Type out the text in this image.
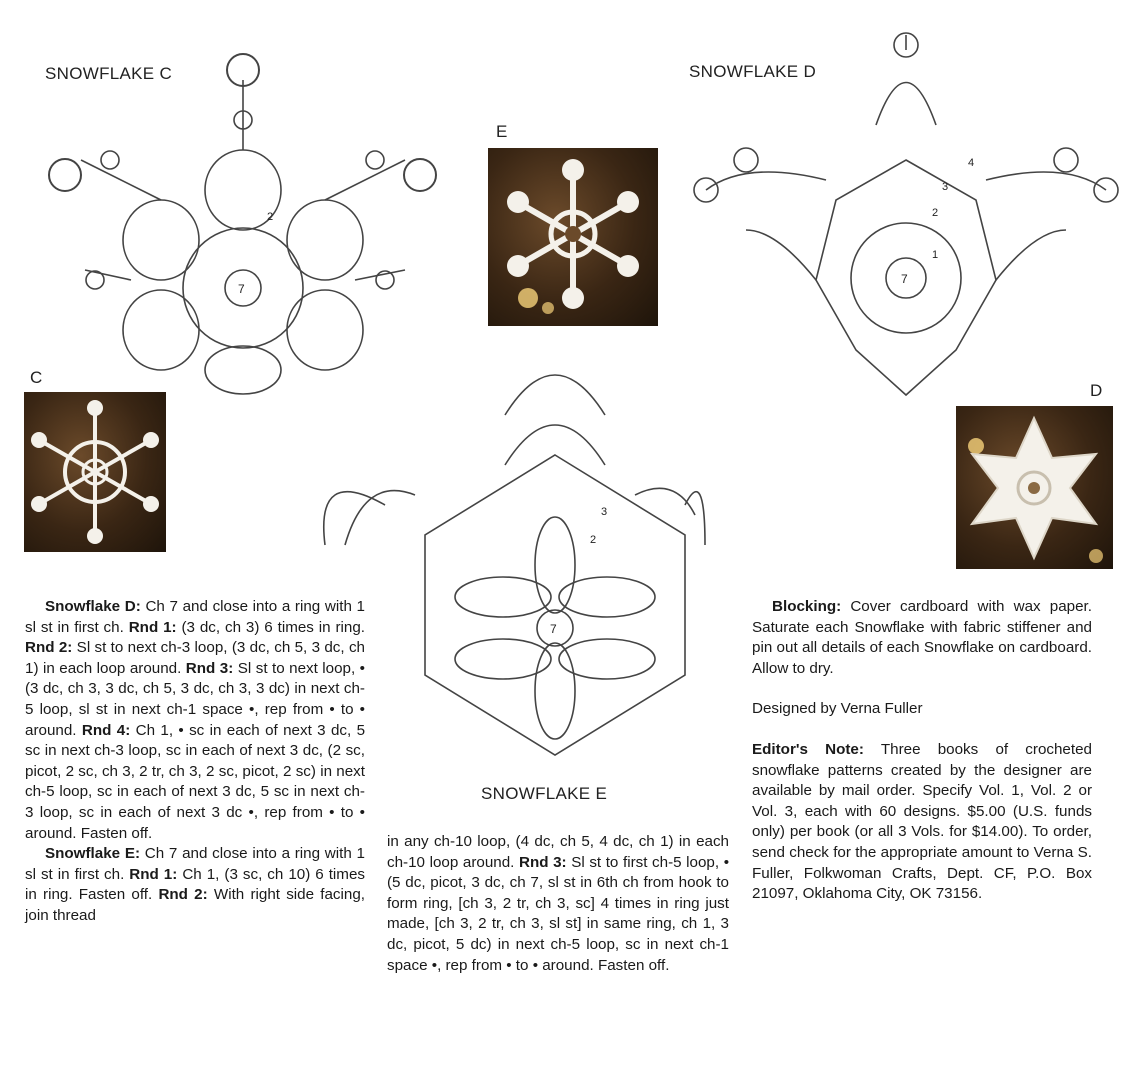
SNOWFLAKE C	SNOWFLAKE D
SNOWFLAKE E
E
C
D
7
2
7
1
2
3
4
7
2
3

Snowflake D: Ch 7 and close into a ring with 1 sl st in first ch. Rnd 1: (3 dc, ch 3) 6 times in ring. Rnd 2: Sl st to next ch-3 loop, (3 dc, ch 5, 3 dc, ch 1) in each loop around. Rnd 3: Sl st to next loop, • (3 dc, ch 3, 3 dc, ch 5, 3 dc, ch 3, 3 dc) in next ch-5 loop, sl st in next ch-1 space •, rep from • to • around. Rnd 4: Ch 1, • sc in each of next 3 dc, 5 sc in next ch-3 loop, sc in each of next 3 dc, (2 sc, picot, 2 sc, ch 3, 2 tr, ch 3, 2 sc, picot, 2 sc) in next ch-5 loop, sc in each of next 3 dc, 5 sc in next ch-3 loop, sc in each of next 3 dc •, rep from • to • around. Fasten off.

Snowflake E: Ch 7 and close into a ring with 1 sl st in first ch. Rnd 1: Ch 1, (3 sc, ch 10) 6 times in ring. Fasten off. Rnd 2: With right side facing, join thread

in any ch-10 loop, (4 dc, ch 5, 4 dc, ch 1) in each ch-10 loop around. Rnd 3: Sl st to first ch-5 loop, • (5 dc, picot, 3 dc, ch 7, sl st in 6th ch from hook to form ring, [ch 3, 2 tr, ch 3, sc] 4 times in ring just made, [ch 3, 2 tr, ch 3, sl st] in same ring, ch 1, 3 dc, picot, 5 dc) in next ch-5 loop, sc in next ch-1 space •, rep from • to • around. Fasten off.

Blocking: Cover cardboard with wax paper. Saturate each Snowflake with fabric stiffener and pin out all details of each Snowflake on cardboard. Allow to dry.

Designed by Verna Fuller

Editor's Note: Three books of crocheted snowflake patterns created by the designer are available by mail order. Specify Vol. 1, Vol. 2 or Vol. 3, each with 60 designs. $5.00 (U.S. funds only) per book (or all 3 Vols. for $14.00). To order, send check for the appropriate amount to Verna S. Fuller, Folkwoman Crafts, Dept. CF, P.O. Box 21097, Oklahoma City, OK 73156.
